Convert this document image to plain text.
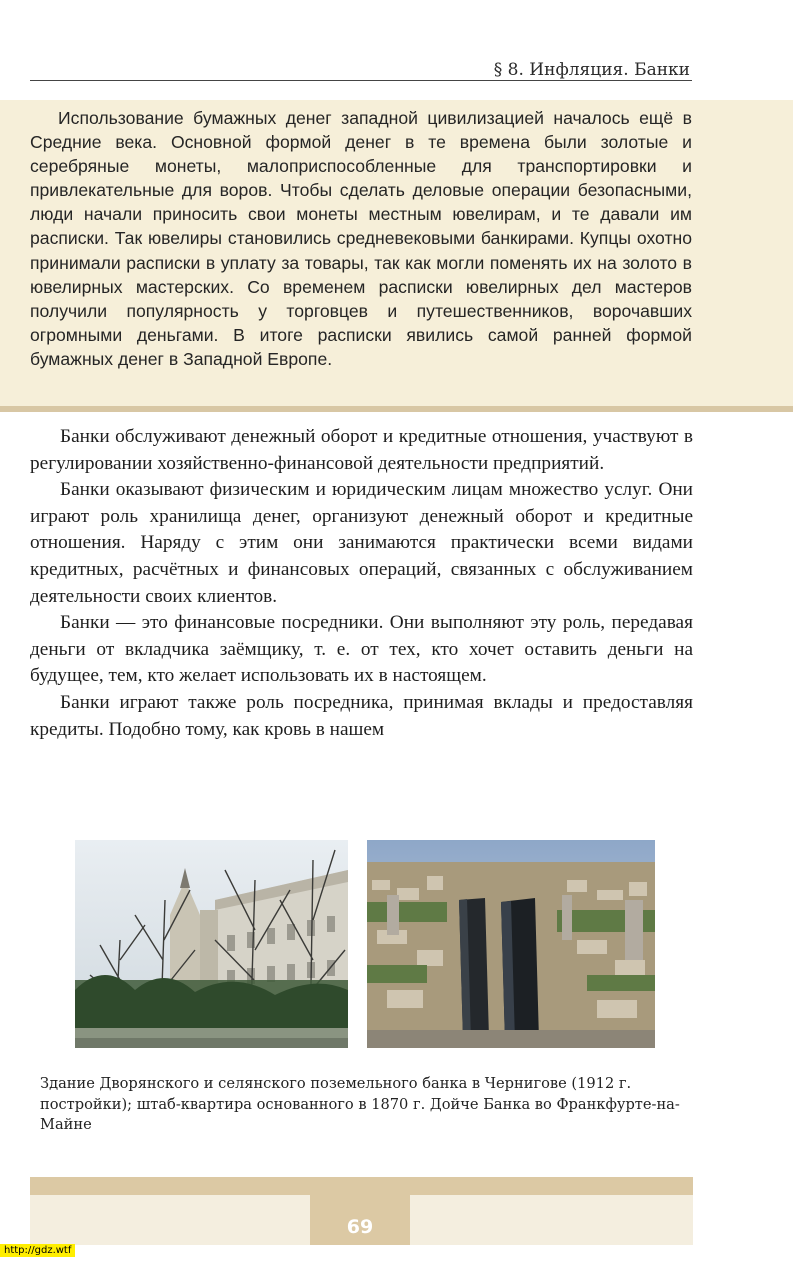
§ 8. Инфляция. Банки
Использование бумажных денег западной цивилизацией началось ещё в Средние века. Основной формой денег в те времена были золотые и серебряные монеты, малоприспособленные для транспортировки и привлекательные для воров. Чтобы сделать деловые операции безопасными, люди начали приносить свои монеты местным ювелирам, и те давали им расписки. Так ювелиры становились средневековыми банкирами. Купцы охотно принимали расписки в уплату за товары, так как могли поменять их на золото в ювелирных мастерских. Со временем расписки ювелирных дел мастеров получили популярность у торговцев и путешественников, ворочавших огромными деньгами. В итоге расписки явились самой ранней формой бумажных денег в Западной Европе.

Банки обслуживают денежный оборот и кредитные отношения, участвуют в регулировании хозяйственно-финансовой деятельности предприятий.

Банки оказывают физическим и юридическим лицам множество услуг. Они играют роль хранилища денег, организуют денежный оборот и кредитные отношения. Наряду с этим они занимаются практически всеми видами кредитных, расчётных и финансовых операций, связанных с обслуживанием деятельности своих клиентов.

Банки — это финансовые посредники. Они выполняют эту роль, передавая деньги от вкладчика заёмщику, т. е. от тех, кто хочет оставить деньги на будущее, тем, кто желает использовать их в настоящем.

Банки играют также роль посредника, принимая вклады и предоставляя кредиты. Подобно тому, как кровь в нашем

Здание Дворянского и селянского поземельного банка в Чернигове (1912 г. постройки); штаб-квартира основанного в 1870 г. Дойче Банка во Франкфурте-на-Майне
69
http://gdz.wtf
